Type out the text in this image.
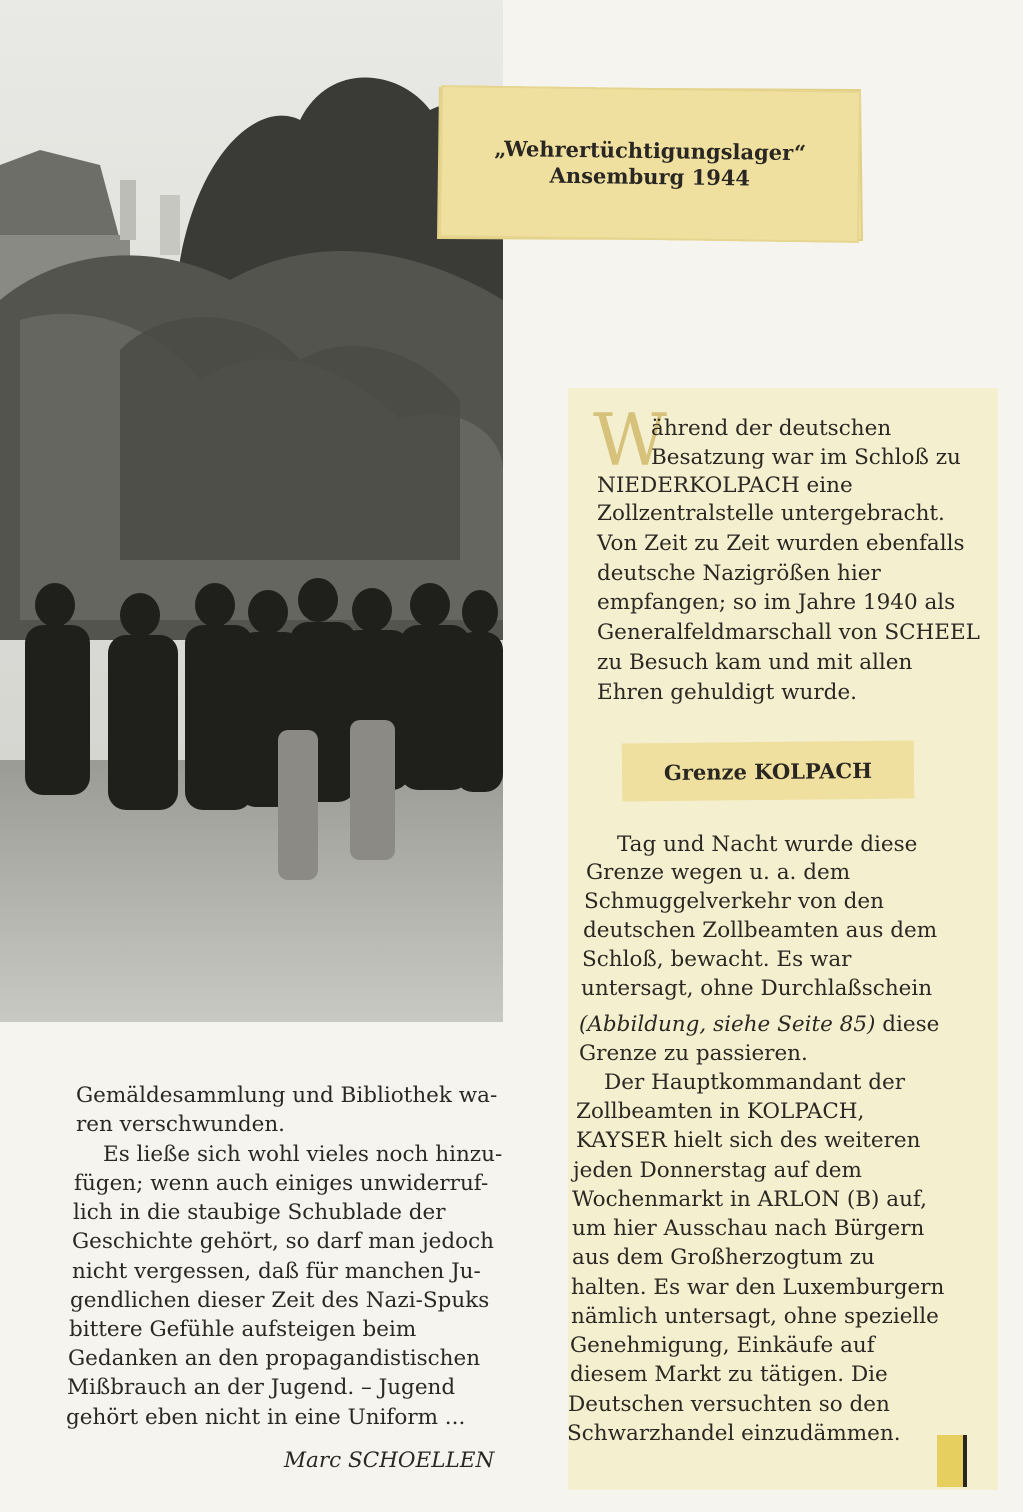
„Wehrertüchtigungslager“
Ansemburg 1944
W
ährend der deutschen
Besatzung war im Schloß zu
NIEDERKOLPACH eine
Zollzentralstelle untergebracht.
Von Zeit zu Zeit wurden ebenfalls
deutsche Nazigrößen hier
empfangen; so im Jahre 1940 als
Generalfeldmarschall von SCHEEL
zu Besuch kam und mit allen
Ehren gehuldigt wurde.
Grenze KOLPACH
Tag und Nacht wurde diese
Grenze wegen u. a. dem
Schmuggelverkehr von den
deutschen Zollbeamten aus dem
Schloß, bewacht. Es war
untersagt, ohne Durchlaßschein
(Abbildung, siehe Seite 85) diese
Grenze zu passieren.
Der Hauptkommandant der
Zollbeamten in KOLPACH,
KAYSER hielt sich des weiteren
jeden Donnerstag auf dem
Wochenmarkt in ARLON (B) auf,
um hier Ausschau nach Bürgern
aus dem Großherzogtum zu
halten. Es war den Luxemburgern
nämlich untersagt, ohne spezielle
Genehmigung, Einkäufe auf
diesem Markt zu tätigen. Die
Deutschen versuchten so den
Schwarzhandel einzudämmen.
Gemäldesammlung und Bibliothek wa-
ren verschwunden.
Es ließe sich wohl vieles noch hinzu-
fügen; wenn auch einiges unwiderruf-
lich in die staubige Schublade der
Geschichte gehört, so darf man jedoch
nicht vergessen, daß für manchen Ju-
gendlichen dieser Zeit des Nazi-Spuks
bittere Gefühle aufsteigen beim
Gedanken an den propagandistischen
Mißbrauch an der Jugend. – Jugend
gehört eben nicht in eine Uniform ...
Marc SCHOELLEN
